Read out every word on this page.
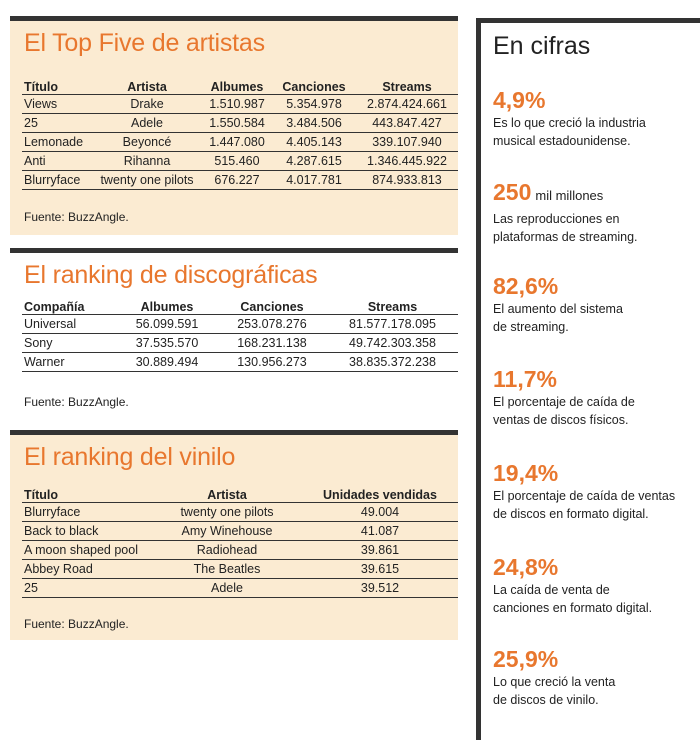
El Top Five de artistas
Título	Artista	Albumes	Canciones	Streams
Views	Drake	1.510.987	5.354.978	2.874.424.661
25	Adele	1.550.584	3.484.506	443.847.427
Lemonade	Beyoncé	1.447.080	4.405.143	339.107.940
Anti	Rihanna	515.460	4.287.615	1.346.445.922
Blurryface	twenty one pilots	676.227	4.017.781	874.933.813
Fuente: BuzzAngle.
El ranking de discográficas
Compañía	Albumes	Canciones	Streams
Universal	56.099.591	253.078.276	81.577.178.095
Sony	37.535.570	168.231.138	49.742.303.358
Warner	30.889.494	130.956.273	38.835.372.238
Fuente: BuzzAngle.
El ranking del vinilo
Título	Artista	Unidades vendidas
Blurryface	twenty one pilots	49.004
Back to black	Amy Winehouse	41.087
A moon shaped pool	Radiohead	39.861
Abbey Road	The Beatles	39.615
25	Adele	39.512
Fuente: BuzzAngle.
En cifras
4,9%
Es lo que creció la industria
musical estadounidense.
250 mil millones
Las reproducciones en
plataformas de streaming.
82,6%
El aumento del sistema
de streaming.
11,7%
El porcentaje de caída de
ventas de discos físicos.
19,4%
El porcentaje de caída de ventas
de discos en formato digital.
24,8%
La caída de venta de
canciones en formato digital.
25,9%
Lo que creció la venta
de discos de vinilo.
